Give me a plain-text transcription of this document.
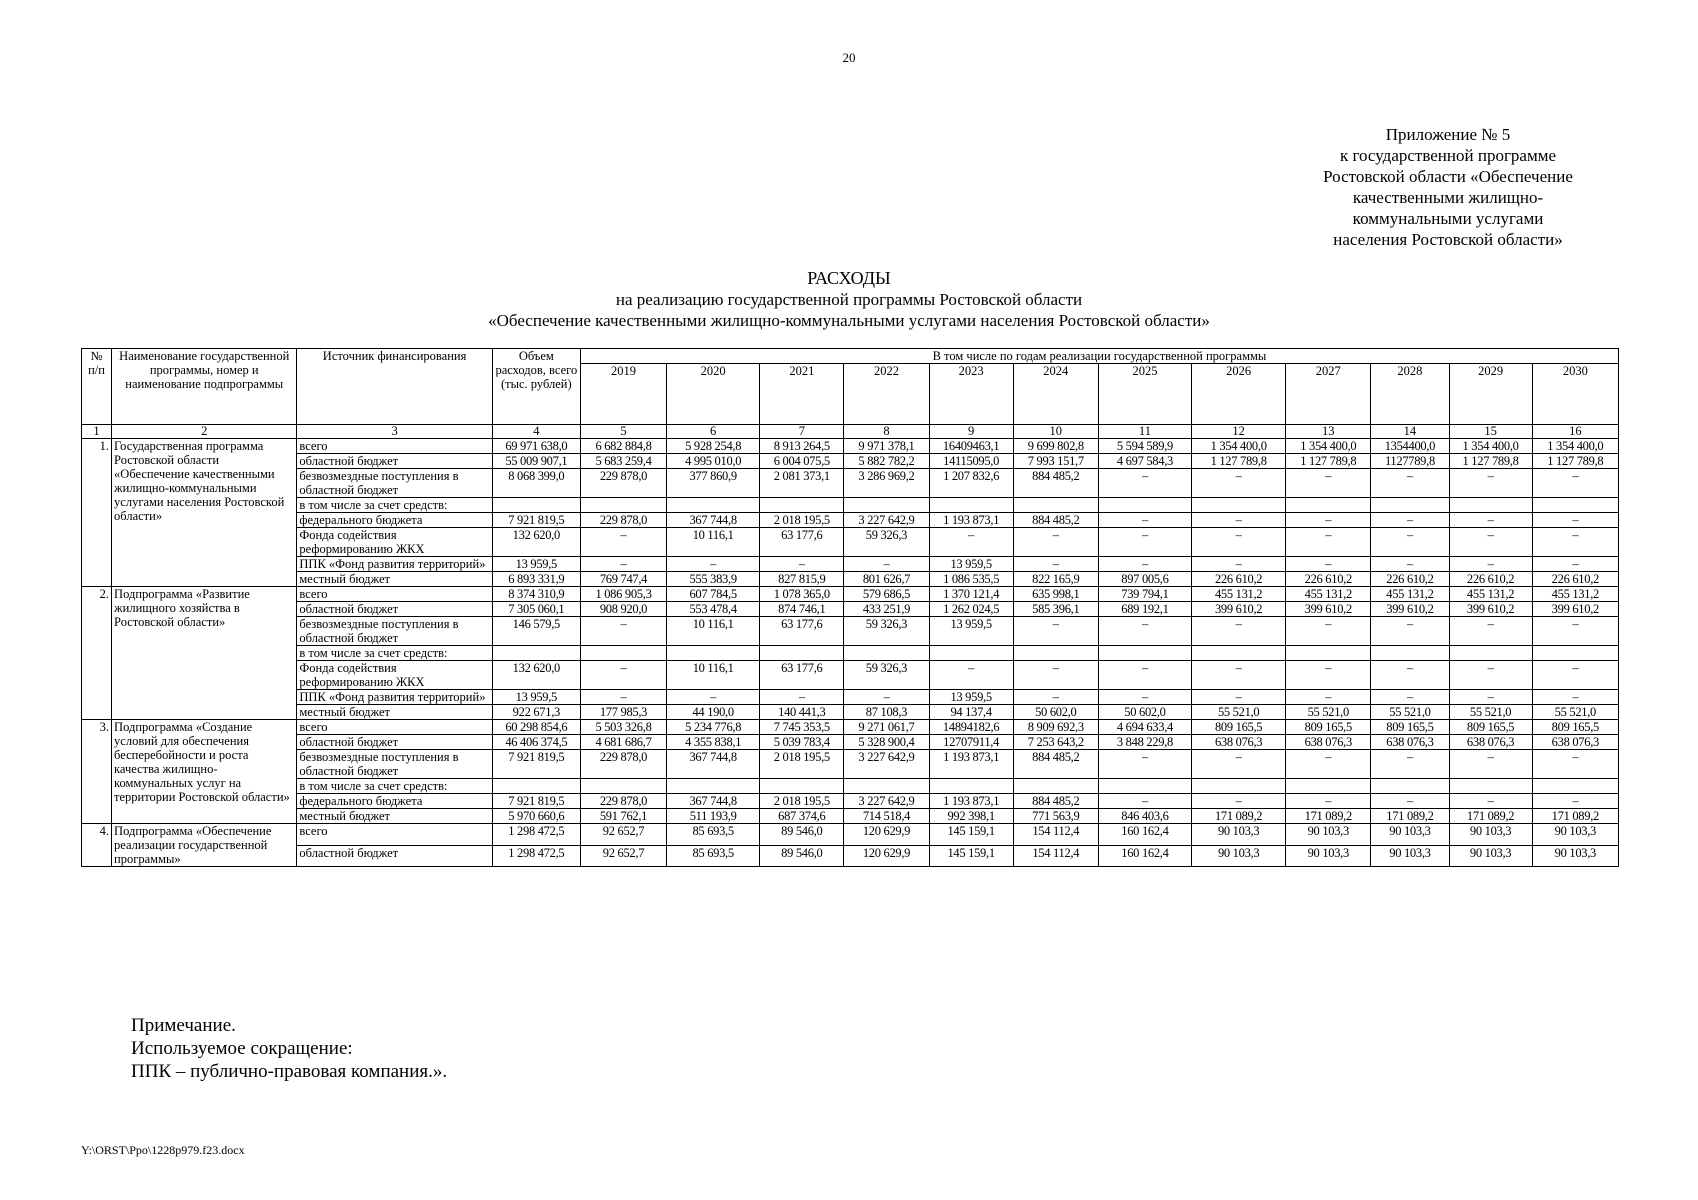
20
Приложение № 5
к государственной программе
Ростовской области «Обеспечение
качественными жилищно-
коммунальными услугами
населения Ростовской области»
РАСХОДЫ
на реализацию государственной программы Ростовской области
«Обеспечение качественными жилищно-коммунальными услугами населения Ростовской области»
№ п/п	Наименование государственной программы, номер и наименование подпрограммы	Источник финансирования	Объем расходов, всего (тыс. рублей)	В том числе по годам реализации государственной программы											
				2019	2020	2021	2022	2023	2024	2025	2026	2027	2028	2029	2030
1	2	3	4	5	6	7	8	9	10	11	12	13	14	15	16
1.	Государственная программа Ростовской области «Обеспечение качественными жилищно-коммунальными услугами населения Ростовской области»	всего	69 971 638,0	6 682 884,8	5 928 254,8	8 913 264,5	9 971 378,1	16409463,1	9 699 802,8	5 594 589,9	1 354 400,0	1 354 400,0	1354400,0	1 354 400,0	1 354 400,0
		областной бюджет	55 009 907,1	5 683 259,4	4 995 010,0	6 004 075,5	5 882 782,2	14115095,0	7 993 151,7	4 697 584,3	1 127 789,8	1 127 789,8	1127789,8	1 127 789,8	1 127 789,8
		безвозмездные поступления в областной бюджет	8 068 399,0	229 878,0	377 860,9	2 081 373,1	3 286 969,2	1 207 832,6	884 485,2	–	–	–	–	–	–
		в том числе за счет средств:													
		федерального бюджета	7 921 819,5	229 878,0	367 744,8	2 018 195,5	3 227 642,9	1 193 873,1	884 485,2	–	–	–	–	–	–
		Фонда содействия реформированию ЖКХ	132 620,0	–	10 116,1	63 177,6	59 326,3	–	–	–	–	–	–	–	–
		ППК «Фонд развития территорий»	13 959,5	–	–	–	–	13 959,5	–	–	–	–	–	–	–
		местный бюджет	6 893 331,9	769 747,4	555 383,9	827 815,9	801 626,7	1 086 535,5	822 165,9	897 005,6	226 610,2	226 610,2	226 610,2	226 610,2	226 610,2
2.	Подпрограмма «Развитие жилищного хозяйства в Ростовской области»	всего	8 374 310,9	1 086 905,3	607 784,5	1 078 365,0	579 686,5	1 370 121,4	635 998,1	739 794,1	455 131,2	455 131,2	455 131,2	455 131,2	455 131,2
		областной бюджет	7 305 060,1	908 920,0	553 478,4	874 746,1	433 251,9	1 262 024,5	585 396,1	689 192,1	399 610,2	399 610,2	399 610,2	399 610,2	399 610,2
		безвозмездные поступления в областной бюджет	146 579,5	–	10 116,1	63 177,6	59 326,3	13 959,5	–	–	–	–	–	–	–
		в том числе за счет средств:													
		Фонда содействия реформированию ЖКХ	132 620,0	–	10 116,1	63 177,6	59 326,3	–	–	–	–	–	–	–	–
		ППК «Фонд развития территорий»	13 959,5	–	–	–	–	13 959,5	–	–	–	–	–	–	–
		местный бюджет	922 671,3	177 985,3	44 190,0	140 441,3	87 108,3	94 137,4	50 602,0	50 602,0	55 521,0	55 521,0	55 521,0	55 521,0	55 521,0
3.	Подпрограмма «Создание условий для обеспечения бесперебойности и роста качества жилищно-коммунальных услуг на территории Ростовской области»	всего	60 298 854,6	5 503 326,8	5 234 776,8	7 745 353,5	9 271 061,7	14894182,6	8 909 692,3	4 694 633,4	809 165,5	809 165,5	809 165,5	809 165,5	809 165,5
		областной бюджет	46 406 374,5	4 681 686,7	4 355 838,1	5 039 783,4	5 328 900,4	12707911,4	7 253 643,2	3 848 229,8	638 076,3	638 076,3	638 076,3	638 076,3	638 076,3
		безвозмездные поступления в областной бюджет	7 921 819,5	229 878,0	367 744,8	2 018 195,5	3 227 642,9	1 193 873,1	884 485,2	–	–	–	–	–	–
		в том числе за счет средств:													
		федерального бюджета	7 921 819,5	229 878,0	367 744,8	2 018 195,5	3 227 642,9	1 193 873,1	884 485,2	–	–	–	–	–	–
		местный бюджет	5 970 660,6	591 762,1	511 193,9	687 374,6	714 518,4	992 398,1	771 563,9	846 403,6	171 089,2	171 089,2	171 089,2	171 089,2	171 089,2
4.	Подпрограмма «Обеспечение реализации государственной программы»	всего	1 298 472,5	92 652,7	85 693,5	89 546,0	120 629,9	145 159,1	154 112,4	160 162,4	90 103,3	90 103,3	90 103,3	90 103,3	90 103,3
		областной бюджет	1 298 472,5	92 652,7	85 693,5	89 546,0	120 629,9	145 159,1	154 112,4	160 162,4	90 103,3	90 103,3	90 103,3	90 103,3	90 103,3
Примечание.
Используемое сокращение:
ППК – публично-правовая компания.».
Y:\ORST\Ppo\1228p979.f23.docx
